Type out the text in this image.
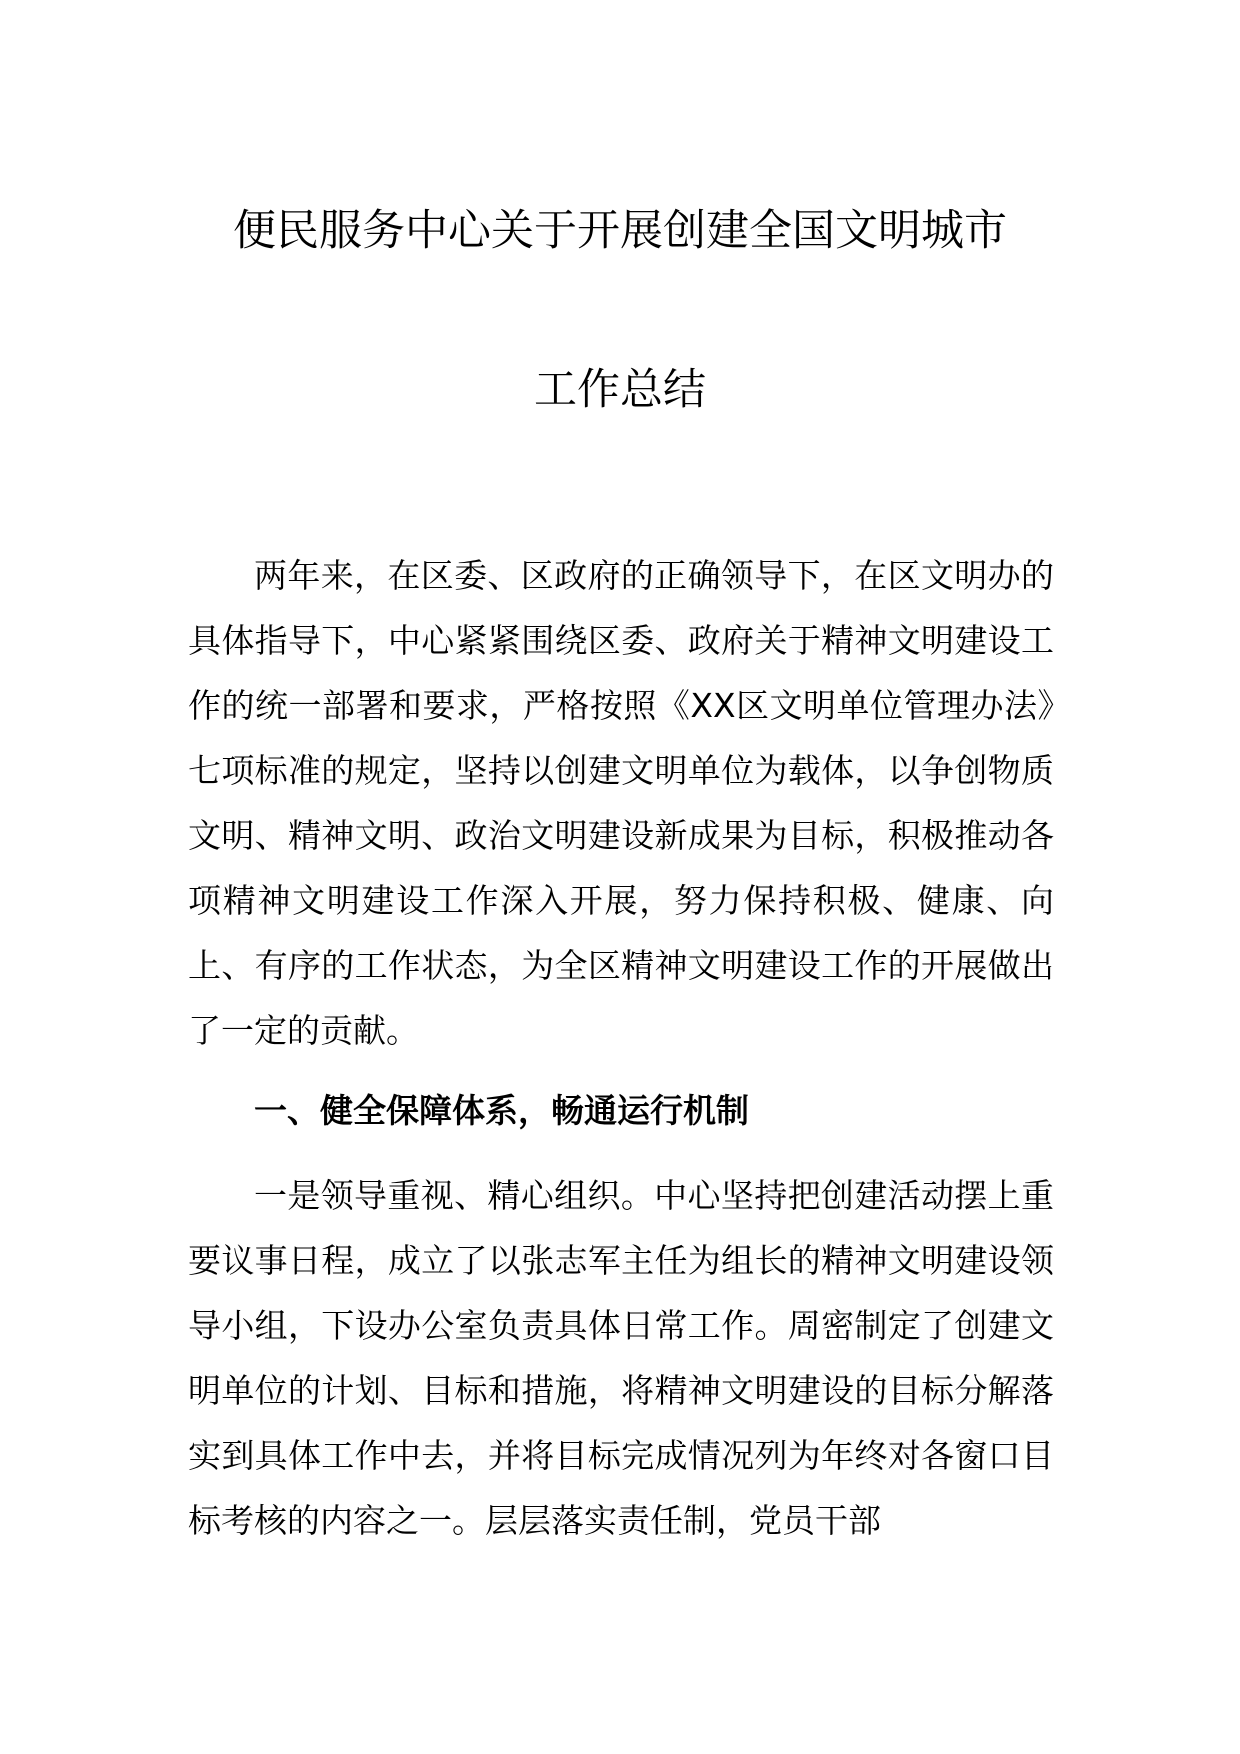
便民服务中心关于开展创建全国文明城市
工作总结

两年来，在区委、区政府的正确领导下，在区文明办的具体指导下，中心紧紧围绕区委、政府关于精神文明建设工作的统一部署和要求，严格按照《XX区文明单位管理办法》七项标准的规定，坚持以创建文明单位为载体，以争创物质文明、精神文明、政治文明建设新成果为目标，积极推动各项精神文明建设工作深入开展，努力保持积极、健康、向上、有序的工作状态，为全区精神文明建设工作的开展做出了一定的贡献。

一、健全保障体系，畅通运行机制

一是领导重视、精心组织。中心坚持把创建活动摆上重要议事日程，成立了以张志军主任为组长的精神文明建设领导小组，下设办公室负责具体日常工作。周密制定了创建文明单位的计划、目标和措施，将精神文明建设的目标分解落实到具体工作中去，并将目标完成情况列为年终对各窗口目标考核的内容之一。层层落实责任制，党员干部
